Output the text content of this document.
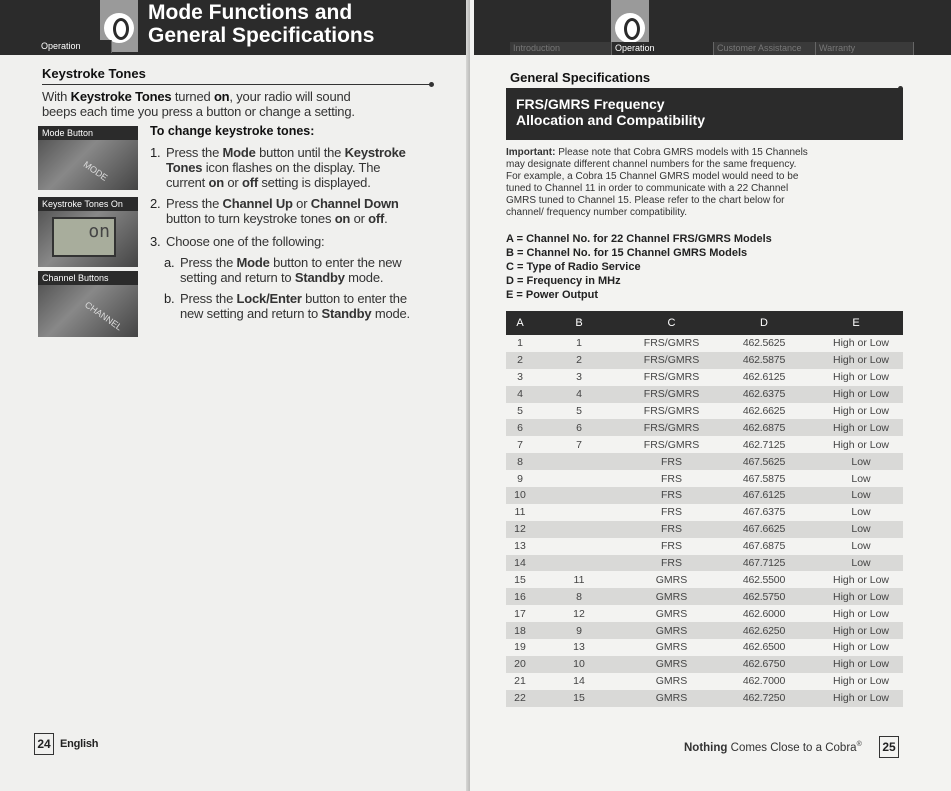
Mode Functions and
General Specifications
Operation
Keystroke Tones
With Keystroke Tones turned on, your radio will sound
beeps each time you press a button or change a setting.
Mode Button
MODE
Keystroke Tones On
on
Channel Buttons
CHANNEL
To change keystroke tones:
1. Press the Mode button until the Keystroke
Tones icon flashes on the display. The
current on or off setting is displayed.
2. Press the Channel Up or Channel Down
button to turn keystroke tones on or off.
3. Choose one of the following:
a. Press the Mode button to enter the new
setting and return to Standby mode.
b. Press the Lock/Enter button to enter the
new setting and return to Standby mode.
24 English
Introduction	Operation	Customer Assistance	Warranty
General Specifications
FRS/GMRS Frequency
Allocation and Compatibility
Important: Please note that Cobra GMRS models with 15 Channels
may designate different channel numbers for the same frequency.
For example, a Cobra 15 Channel GMRS model would need to be
tuned to Channel 11 in order to communicate with a 22 Channel
GMRS tuned to Channel 15. Please refer to the chart below for
channel/ frequency number compatibility.
A = Channel No. for 22 Channel FRS/GMRS Models
B = Channel No. for 15 Channel GMRS Models
C = Type of Radio Service
D = Frequency in MHz
E = Power Output
A	B	C	D	E
1	1	FRS/GMRS	462.5625	High or Low
2	2	FRS/GMRS	462.5875	High or Low
3	3	FRS/GMRS	462.6125	High or Low
4	4	FRS/GMRS	462.6375	High or Low
5	5	FRS/GMRS	462.6625	High or Low
6	6	FRS/GMRS	462.6875	High or Low
7	7	FRS/GMRS	462.7125	High or Low
8		FRS	467.5625	Low
9		FRS	467.5875	Low
10		FRS	467.6125	Low
11		FRS	467.6375	Low
12		FRS	467.6625	Low
13		FRS	467.6875	Low
14		FRS	467.7125	Low
15	11	GMRS	462.5500	High or Low
16	8	GMRS	462.5750	High or Low
17	12	GMRS	462.6000	High or Low
18	9	GMRS	462.6250	High or Low
19	13	GMRS	462.6500	High or Low
20	10	GMRS	462.6750	High or Low
21	14	GMRS	462.7000	High or Low
22	15	GMRS	462.7250	High or Low
Nothing Comes Close to a Cobra® 25
